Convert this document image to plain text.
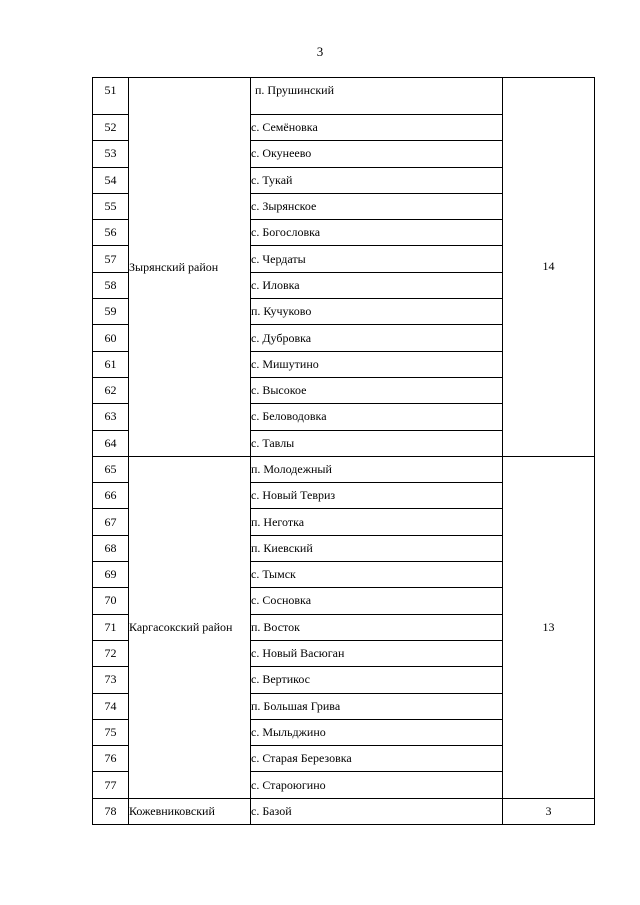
3
51	Зырянский район	п. Прушинский	14
52		с. Семёновка	
53		с. Окунеево	
54		с. Тукай	
55		с. Зырянское	
56		с. Богословка	
57		с. Чердаты	
58		с. Иловка	
59		п. Кучуково	
60		с. Дубровка	
61		с. Мишутино	
62		с. Высокое	
63		с. Беловодовка	
64		с. Тавлы	
65	Каргасокский район	п. Молодежный	13
66		с. Новый Тевриз	
67		п. Неготка	
68		п. Киевский	
69		с. Тымск	
70		с. Сосновка	
71		п. Восток	
72		с. Новый Васюган	
73		с. Вертикос	
74		п. Большая Грива	
75		с. Мыльджино	
76		с. Старая Березовка	
77		с. Староюгино	
78	Кожевниковский	с. Базой	3
